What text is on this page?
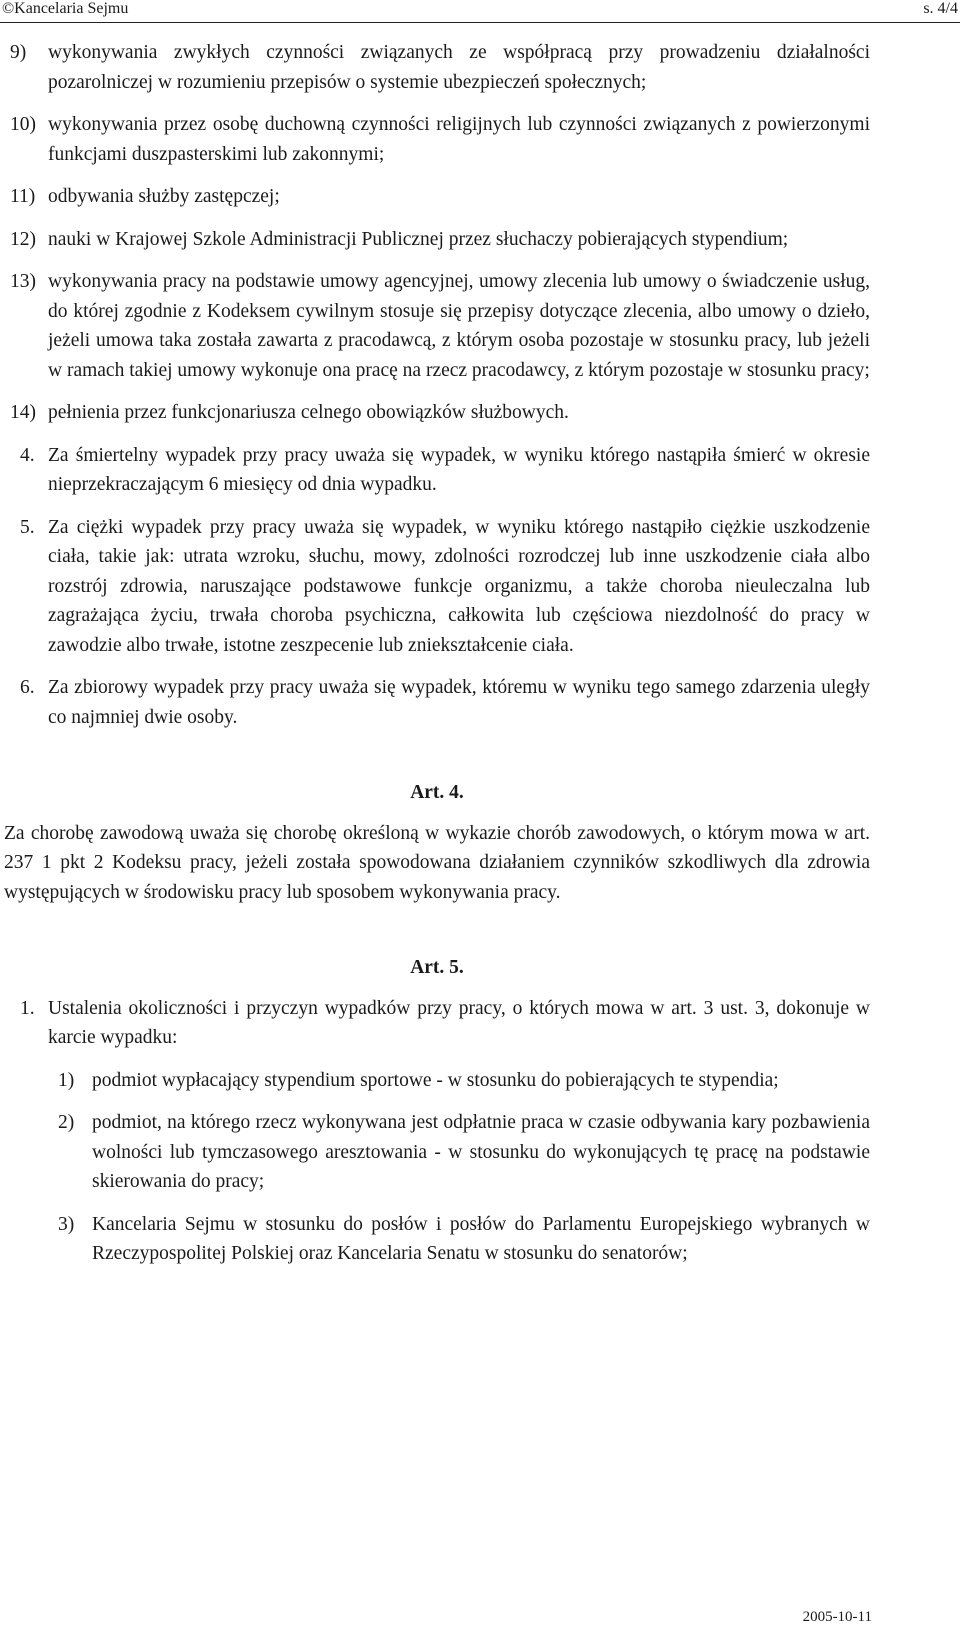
©Kancelaria Sejmu	s. 4/4
9) wykonywania zwykłych czynności związanych ze współpracą przy prowadzeniu działalności pozarolniczej w rozumieniu przepisów o systemie ubezpieczeń społecznych;
10) wykonywania przez osobę duchowną czynności religijnych lub czynności związanych z powierzonymi funkcjami duszpasterskimi lub zakonnymi;
11) odbywania służby zastępczej;
12) nauki w Krajowej Szkole Administracji Publicznej przez słuchaczy pobierających stypendium;
13) wykonywania pracy na podstawie umowy agencyjnej, umowy zlecenia lub umowy o świadczenie usług, do której zgodnie z Kodeksem cywilnym stosuje się przepisy dotyczące zlecenia, albo umowy o dzieło, jeżeli umowa taka została zawarta z pracodawcą, z którym osoba pozostaje w stosunku pracy, lub jeżeli w ramach takiej umowy wykonuje ona pracę na rzecz pracodawcy, z którym pozostaje w stosunku pracy;
14) pełnienia przez funkcjonariusza celnego obowiązków służbowych.
4. Za śmiertelny wypadek przy pracy uważa się wypadek, w wyniku którego nastąpiła śmierć w okresie nieprzekraczającym 6 miesięcy od dnia wypadku.
5. Za ciężki wypadek przy pracy uważa się wypadek, w wyniku którego nastąpiło ciężkie uszkodzenie ciała, takie jak: utrata wzroku, słuchu, mowy, zdolności rozrodczej lub inne uszkodzenie ciała albo rozstrój zdrowia, naruszające podstawowe funkcje organizmu, a także choroba nieuleczalna lub zagrażająca życiu, trwała choroba psychiczna, całkowita lub częściowa niezdolność do pracy w zawodzie albo trwałe, istotne zeszpecenie lub zniekształcenie ciała.
6. Za zbiorowy wypadek przy pracy uważa się wypadek, któremu w wyniku tego samego zdarzenia uległy co najmniej dwie osoby.
Art. 4.
Za chorobę zawodową uważa się chorobę określoną w wykazie chorób zawodowych, o którym mowa w art. 237 1 pkt 2 Kodeksu pracy, jeżeli została spowodowana działaniem czynników szkodliwych dla zdrowia występujących w środowisku pracy lub sposobem wykonywania pracy.
Art. 5.
1. Ustalenia okoliczności i przyczyn wypadków przy pracy, o których mowa w art. 3 ust. 3, dokonuje w karcie wypadku:
1) podmiot wypłacający stypendium sportowe - w stosunku do pobierających te stypendia;
2) podmiot, na którego rzecz wykonywana jest odpłatnie praca w czasie odbywania kary pozbawienia wolności lub tymczasowego aresztowania - w stosunku do wykonujących tę pracę na podstawie skierowania do pracy;
3) Kancelaria Sejmu w stosunku do posłów i posłów do Parlamentu Europejskiego wybranych w Rzeczypospolitej Polskiej oraz Kancelaria Senatu w stosunku do senatorów;
2005-10-11
